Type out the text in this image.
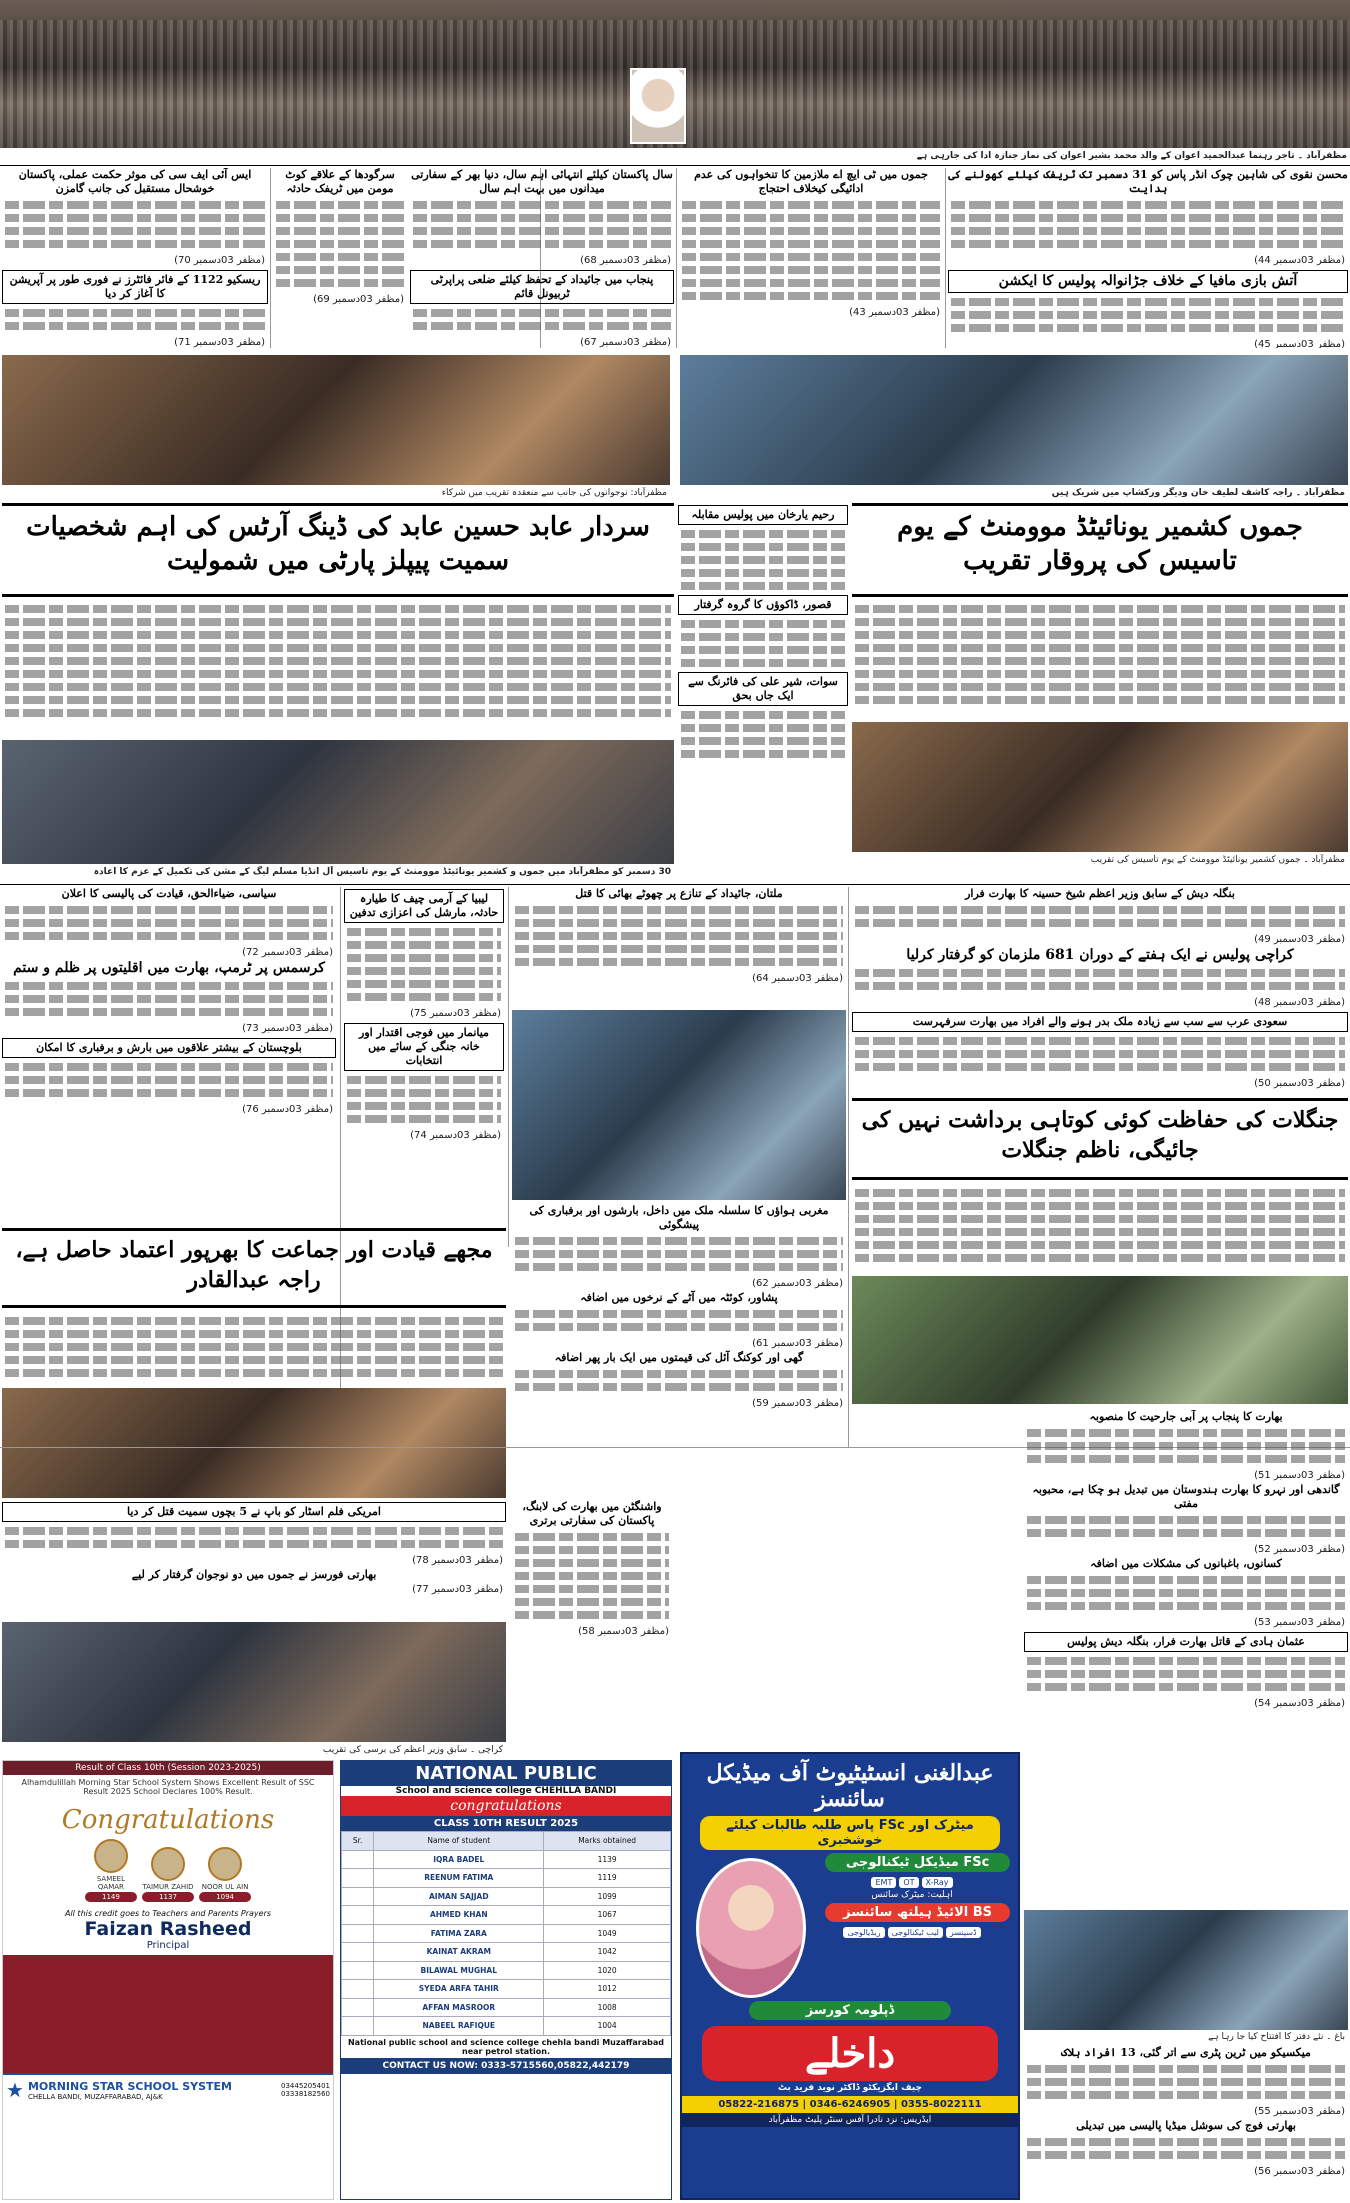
مظفرآباد ۔ تاجر رہنما عبدالحمید اعوان کے والد محمد بشیر اعوان کی نماز جنازہ ادا کی جارہی ہے
محسن نقوی کی شاہین چوک انڈر پاس کو 31 دسمبر تک ٹریفک کیلئے کھولنے کی ہدایت
(مظفر 03دسمبر 44)
آتش بازی مافیا کے خلاف جڑانوالہ پولیس کا ایکشن
(مظفر 03دسمبر 45)
جموں میں ٹی ایچ اے ملازمین کا تنخواہوں کی عدم ادائیگی کیخلاف احتجاج
(مظفر 03دسمبر 43)
سال پاکستان کیلئے انتہائی اہم سال، دنیا بھر کے سفارتی میدانوں میں بہت اہم سال
(مظفر 03دسمبر 68)
پنجاب میں جائیداد کے تحفظ کیلئے ضلعی پراپرٹی ٹربیونل قائم
(مظفر 03دسمبر 67)
سرگودھا کے علاقے کوٹ مومن میں ٹریفک حادثہ
(مظفر 03دسمبر 69)
ایس آئی ایف سی کی موثر حکمت عملی، پاکستان خوشحال مستقبل کی جانب گامزن
(مظفر 03دسمبر 70)
ریسکیو 1122 کے فائر فائٹرز نے فوری طور پر آپریشن کا آغاز کر دیا
(مظفر 03دسمبر 71)
مظفرآباد: نوجوانوں کی جانب سے منعقدہ تقریب میں شرکاء	مظفرآباد ۔ راجہ کاشف لطیف خان ودیگر ورکشاپ میں شریک ہیں
جموں کشمیر یونائیٹڈ موومنٹ کے یوم تاسیس کی پروقار تقریب
سردار عابد حسین عابد کی ڈینگ آرٹس کی اہم شخصیات سمیت پیپلز پارٹی میں شمولیت
رحیم یارخان میں پولیس مقابلہ
قصور، ڈاکوؤں کا گروہ گرفتار
سوات، شیر علی کی فائرنگ سے ایک جاں بحق
30 دسمبر کو مظفرآباد میں جموں و کشمیر یونائیٹڈ موومنٹ کے یوم تاسیس آل انڈیا مسلم لیگ کے مشن کی تکمیل کے عزم کا اعادہ
مظفرآباد ۔ جموں کشمیر یونائیٹڈ موومنٹ کے یوم تاسیس کی تقریب
بنگلہ دیش کے سابق وزیر اعظم شیخ حسینہ کا بھارت فرار
(مظفر 03دسمبر 49)
کراچی پولیس نے ایک ہفتے کے دوران 681 ملزمان کو گرفتار کرلیا
(مظفر 03دسمبر 48)
سعودی عرب سے سب سے زیادہ ملک بدر ہونے والے افراد میں بھارت سرفہرست
(مظفر 03دسمبر 50)
جنگلات کی حفاظت کوئی کوتاہی برداشت نہیں کی جائیگی، ناظم جنگلات
ملتان، جائیداد کے تنازع پر چھوٹے بھائی کا قتل
(مظفر 03دسمبر 64)
لیبیا کے آرمی چیف کا طیارہ حادثہ، مارشل کی اعزازی تدفین
(مظفر 03دسمبر 75)
میانمار میں فوجی اقتدار اور خانہ جنگی کے سائے میں انتخابات
(مظفر 03دسمبر 74)
سیاسی، ضیاءالحق، قیادت کی پالیسی کا اعلان
(مظفر 03دسمبر 72)
کرسمس پر ٹرمپ، بھارت میں اقلیتوں پر ظلم و ستم
(مظفر 03دسمبر 73)
بلوچستان کے بیشتر علاقوں میں بارش و برفباری کا امکان
(مظفر 03دسمبر 76)
مجھے قیادت اور جماعت کا بھرپور اعتماد حاصل ہے، راجہ عبدالقادر
مغربی ہواؤں کا سلسلہ ملک میں داخل، بارشوں اور برفباری کی پیشگوئی
(مظفر 03دسمبر 62)
پشاور، کوئٹہ میں آٹے کے نرخوں میں اضافہ
(مظفر 03دسمبر 61)
گھی اور کوکنگ آئل کی قیمتوں میں ایک بار پھر اضافہ
(مظفر 03دسمبر 59)
بھارت کا پنجاب پر آبی جارحیت کا منصوبہ
(مظفر 03دسمبر 51)
گاندھی اور نہرو کا بھارت ہندوستان میں تبدیل ہو چکا ہے، محبوبہ مفتی
(مظفر 03دسمبر 52)
کسانوں، باغبانوں کی مشکلات میں اضافہ
(مظفر 03دسمبر 53)
عثمان ہادی کے قاتل بھارت فرار، بنگلہ دیش پولیس
(مظفر 03دسمبر 54)
باغ ۔ نئے دفتر کا افتتاح کیا جا رہا ہے
میکسیکو میں ٹرین پٹری سے اتر گئی، 13 افراد ہلاک
(مظفر 03دسمبر 55)
بھارتی فوج کی سوشل میڈیا پالیسی میں تبدیلی
(مظفر 03دسمبر 56)
امریکی فلم اسٹار کو باپ نے 5 بچوں سمیت قتل کر دیا
(مظفر 03دسمبر 78)
بھارتی فورسز نے جموں میں دو نوجوان گرفتار کر لیے
(مظفر 03دسمبر 77)
کراچی ۔ سابق وزیر اعظم کی برسی کی تقریب
واشنگٹن میں بھارت کی لابنگ، پاکستان کی سفارتی برتری
(مظفر 03دسمبر 58)
Result of Class 10th (Session 2023-2025)
Alhamdulillah Morning Star School System Shows Excellent Result of SSC Result 2025 School Declares 100% Result.
Congratulations
SAMEEL QAMAR
1149

TAIMUR ZAHID
1137

NOOR UL AIN
1094
All this credit goes to Teachers and Parents Prayers
Faizan Rasheed
Principal
★ MORNING STAR SCHOOL SYSTEM
CHELLA BANDI, MUZAFFARABAD, AJ&K
03445205401
03338182560
NATIONAL PUBLIC
School and science college CHEHLLA BANDI
congratulations
CLASS 10TH RESULT 2025
Sr.	Name of student	Marks obtained
	IQRA BADEL	1139
	REENUM FATIMA	1119
	AIMAN SAJJAD	1099
	AHMED KHAN	1067
	FATIMA ZARA	1049
	KAINAT AKRAM	1042
	BILAWAL MUGHAL	1020
	SYEDA ARFA TAHIR	1012
	AFFAN MASROOR	1008
	NABEEL RAFIQUE	1004
National public school and science college chehla bandi Muzaffarabad near petrol station.
CONTACT US NOW: 0333-5715560,05822,442179
عبدالغنی انسٹیٹیوٹ آف میڈیکل سائنسز
میٹرک اور FSc پاس طلبہ طالبات کیلئے خوشخبری
FSc میڈیکل ٹیکنالوجی
X-Ray
OT
EMT
اہلیت: میٹرک سائنس
BS الائیڈ ہیلتھ سائنسز
ڈسپنسر
لیب ٹیکنالوجی
ریڈیالوجی
ڈپلومہ کورسز
داخلے
چیف ایگزیکٹو ڈاکٹر نوید فرید بٹ
05822-216875 | 0346-6246905 | 0355-8022111
ایڈریس: نزد نادرا آفس سنٹر پلیٹ مظفرآباد
